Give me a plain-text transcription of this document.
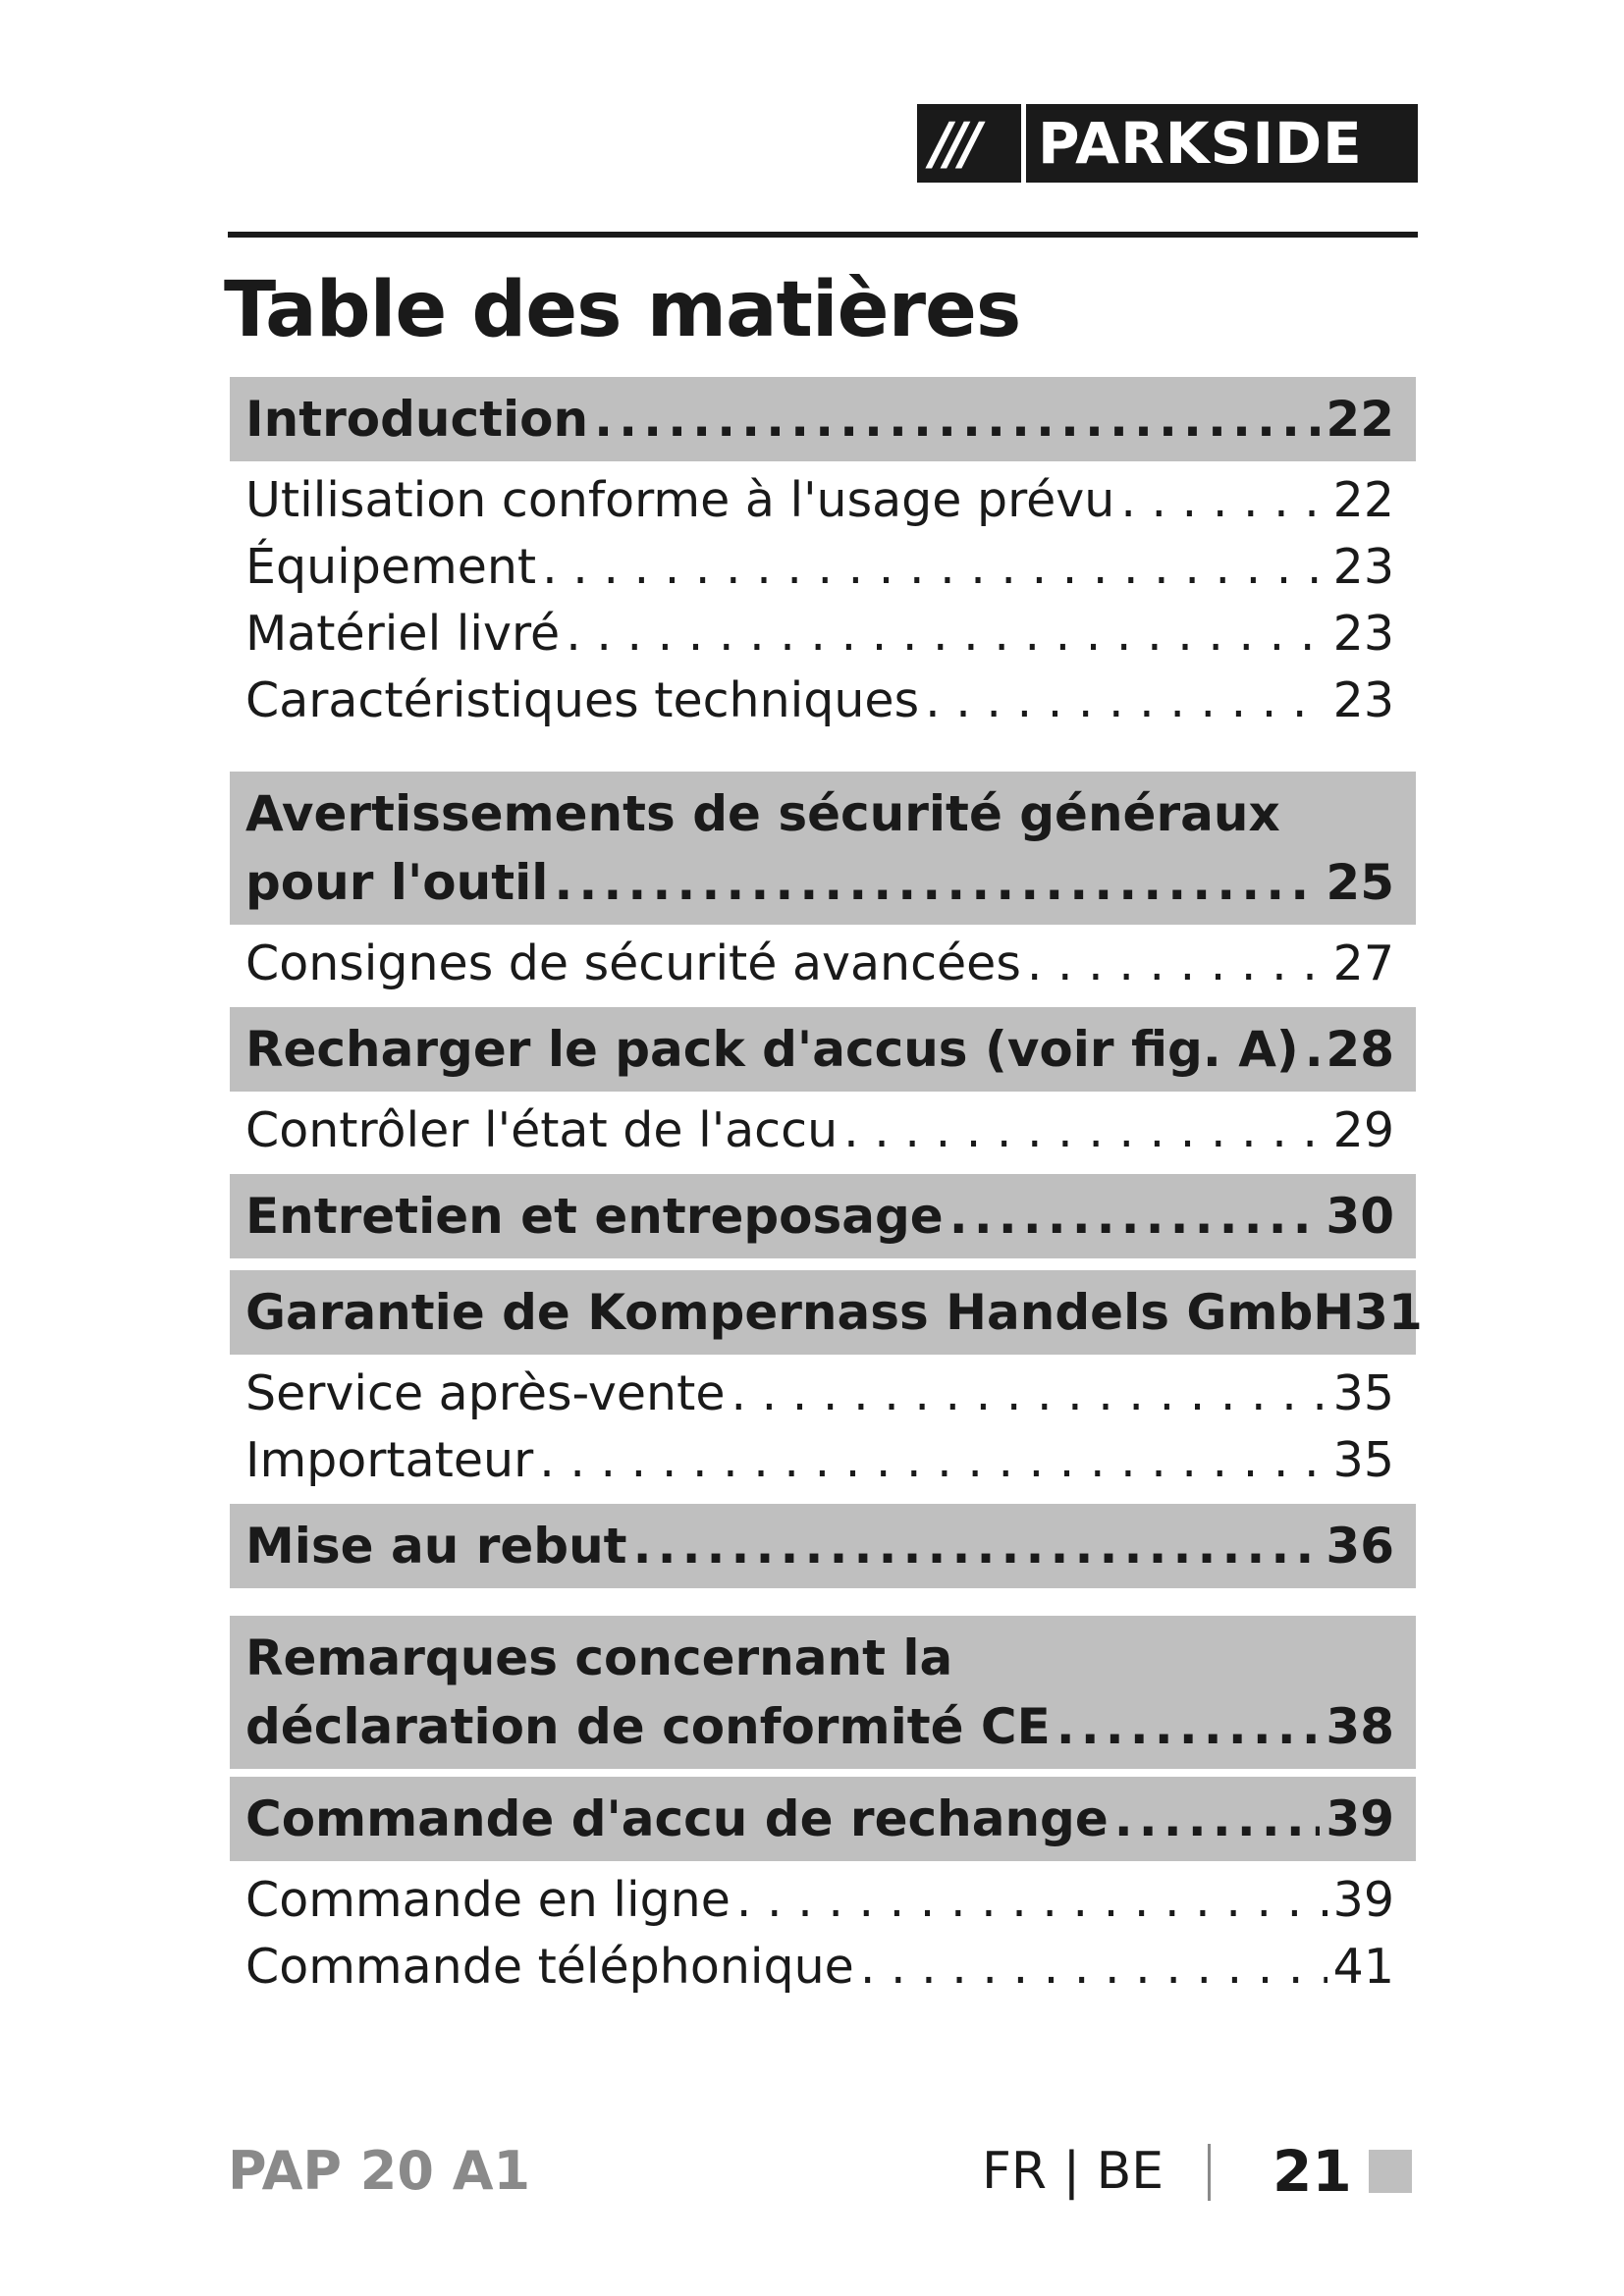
///	PARKSIDE
Table des matières
Introduction .....	22
Utilisation conforme à l'usage prévu . . .	22
Équipement . . .	23
Matériel livré . . .	23
Caractéristiques techniques . . .	23
Avertissements de sécurité généraux
pour l'outil .....	25
Consignes de sécurité avancées . . .	27
Recharger le pack d'accus (voir fig. A) ..... 28
Contrôler l'état de l'accu . . .	29
Entretien et entreposage .....	30
Garantie de Kompernass Handels GmbH 31
Service après-vente . . .	35
Importateur . . .	35
Mise au rebut .....	36
Remarques concernant la
déclaration de conformité CE .....	38
Commande d'accu de rechange .....	39
Commande en ligne . . .	39
Commande téléphonique . . .	41
PAP 20 A1	FR | BE 21
